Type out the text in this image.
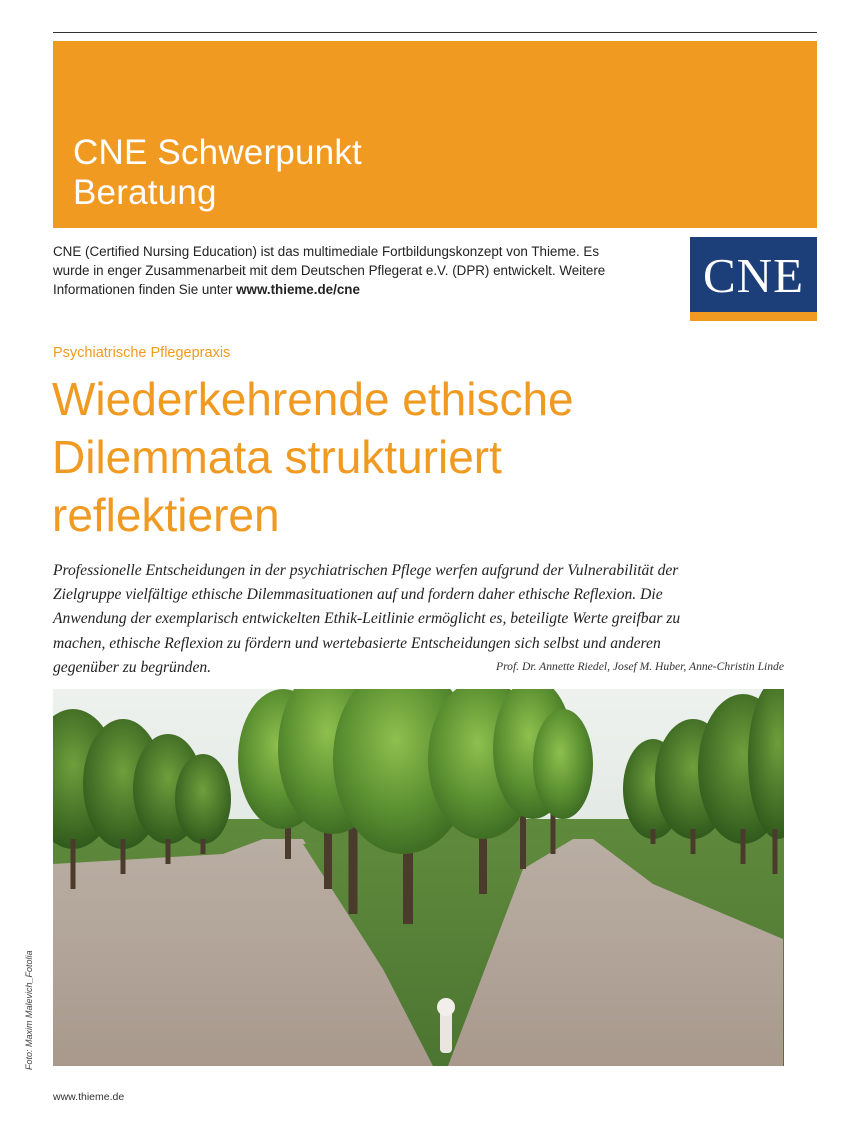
CNE Schwerpunkt
Beratung
CNE (Certified Nursing Education) ist das multimediale Fortbildungskonzept von Thieme. Es
wurde in enger Zusammenarbeit mit dem Deutschen Pflegerat e.V. (DPR) entwickelt. Weitere
Informationen finden Sie unter www.thieme.de/cne	CNE
Psychiatrische Pflegepraxis
Wiederkehrende ethische
Dilemmata strukturiert
reflektieren
Professionelle Entscheidungen in der psychiatrischen Pflege werfen aufgrund der Vulnerabilität der
Zielgruppe vielfältige ethische Dilemmasituationen auf und fordern daher ethische Reflexion. Die
Anwendung der exemplarisch entwickelten Ethik-Leitlinie ermöglicht es, beteiligte Werte greifbar zu
machen, ethische Reflexion zu fördern und wertebasierte Entscheidungen sich selbst und anderen
gegenüber zu begründen.	Prof. Dr. Annette Riedel, Josef M. Huber, Anne-Christin Linde
Foto: Maxim Malevich_Fotolia
www.thieme.de
